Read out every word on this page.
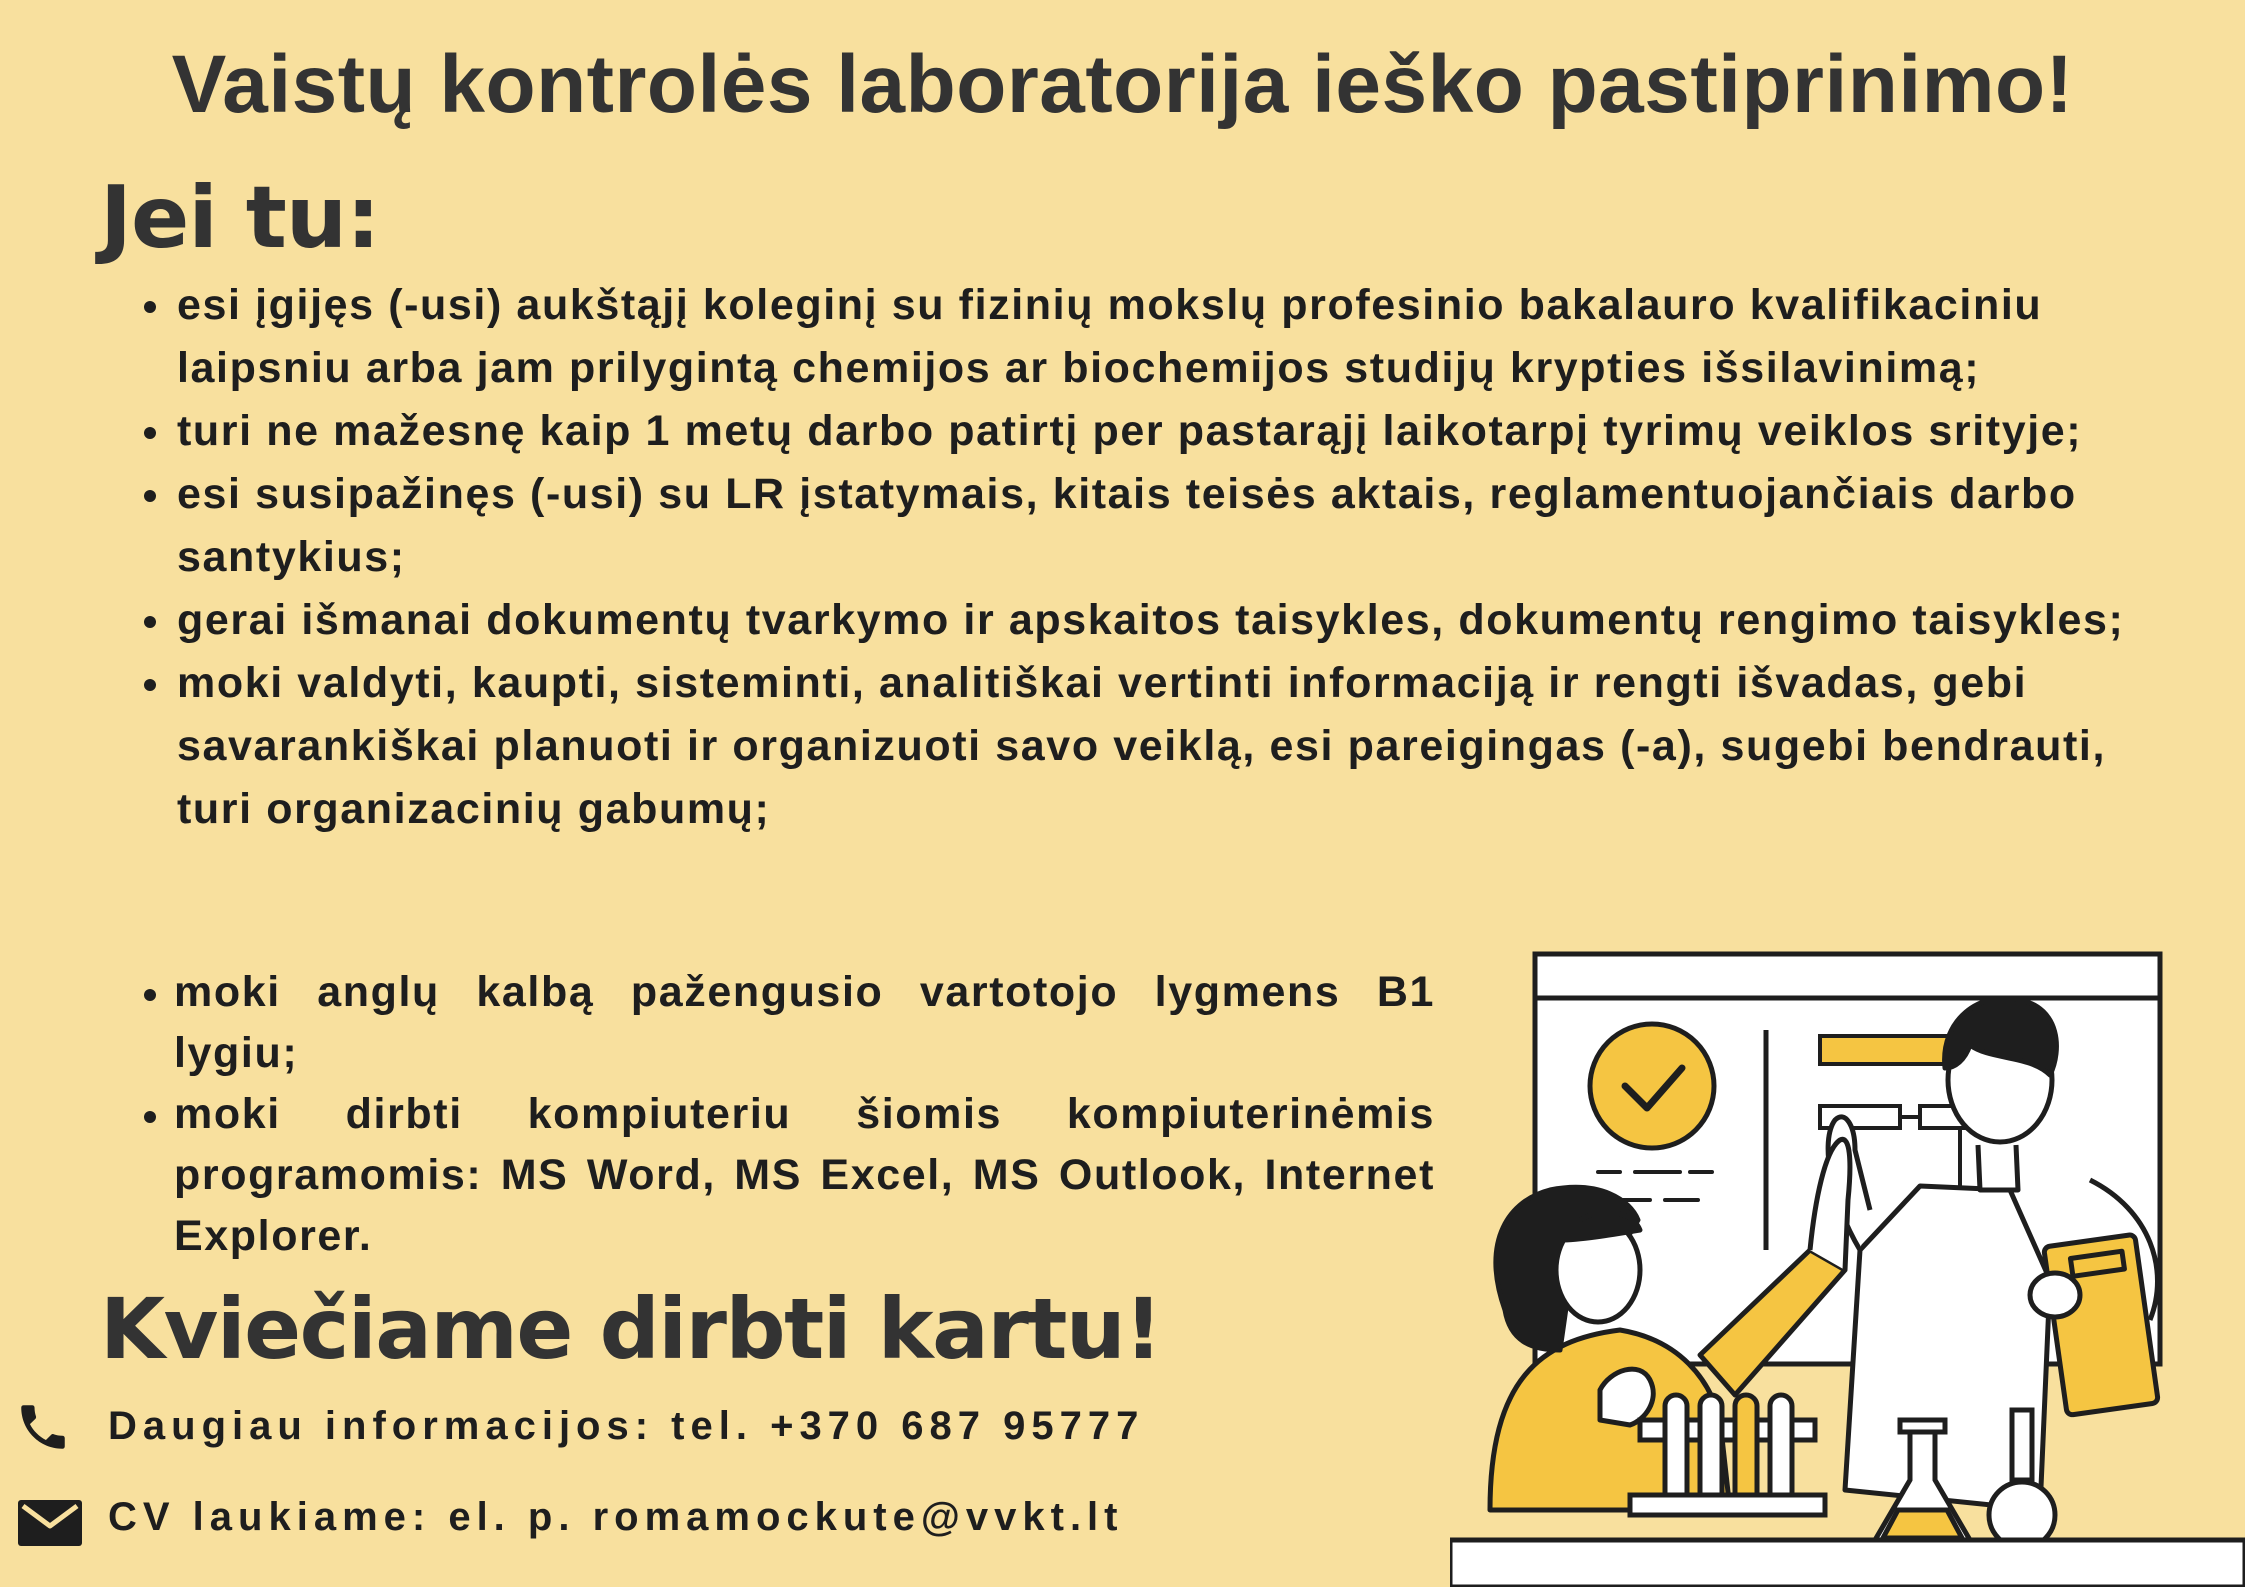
Vaistų kontrolės laboratorija ieško pastiprinimo!
Jei tu:
esi įgijęs (-usi) aukštąjį koleginį su fizinių mokslų profesinio bakalauro kvalifikaciniu laipsniu arba jam prilygintą chemijos ar biochemijos studijų krypties išsilavinimą;
turi ne mažesnę kaip 1 metų darbo patirtį per pastarąjį laikotarpį tyrimų veiklos srityje;
esi susipažinęs (-usi) su LR įstatymais, kitais teisės aktais, reglamentuojančiais darbo santykius;
gerai išmanai dokumentų tvarkymo ir apskaitos taisykles, dokumentų rengimo taisykles;
moki valdyti, kaupti, sisteminti, analitiškai vertinti informaciją ir rengti išvadas, gebi savarankiškai planuoti ir organizuoti savo veiklą, esi pareigingas (-a), sugebi bendrauti, turi organizacinių gabumų;
moki anglų kalbą pažengusio vartotojo lygmens B1 lygiu;
moki dirbti kompiuteriu šiomis kompiuterinėmis programomis: MS Word, MS Excel, MS Outlook, Internet Explorer.
Kviečiame dirbti kartu!
Daugiau informacijos: tel. +370 687 95777
CV laukiame: el. p. romamockute@vvkt.lt
